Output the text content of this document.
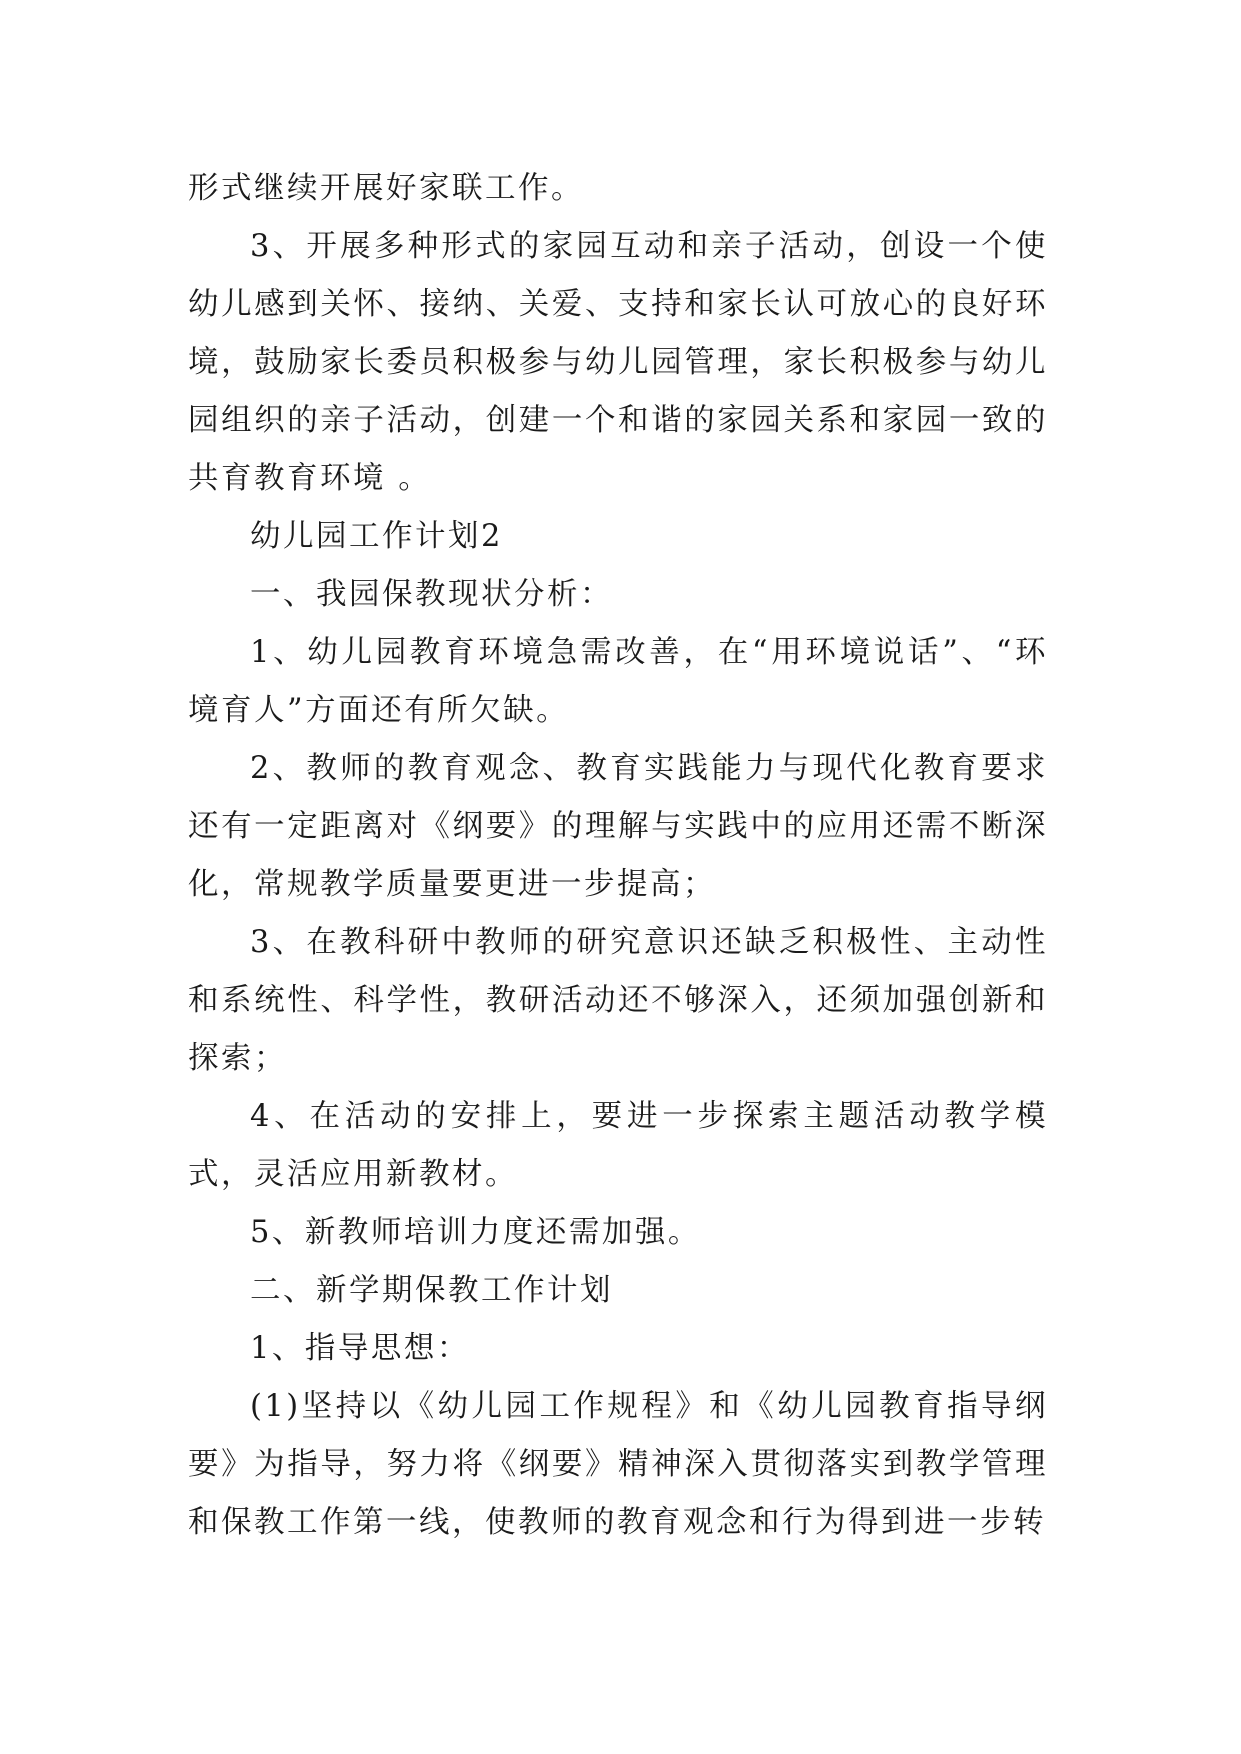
形式继续开展好家联工作。

3、开展多种形式的家园互动和亲子活动，创设一个使幼儿感到关怀、接纳、关爱、支持和家长认可放心的良好环境，鼓励家长委员积极参与幼儿园管理，家长积极参与幼儿园组织的亲子活动，创建一个和谐的家园关系和家园一致的共育教育环境 。

幼儿园工作计划2

一、我园保教现状分析：

1、幼儿园教育环境急需改善，在“用环境说话”、“环境育人”方面还有所欠缺。

2、教师的教育观念、教育实践能力与现代化教育要求还有一定距离对《纲要》的理解与实践中的应用还需不断深化，常规教学质量要更进一步提高；

3、在教科研中教师的研究意识还缺乏积极性、主动性和系统性、科学性，教研活动还不够深入，还须加强创新和探索；

4、在活动的安排上，要进一步探索主题活动教学模式，灵活应用新教材。

5、新教师培训力度还需加强。

二、新学期保教工作计划

1、指导思想：

(1)坚持以《幼儿园工作规程》和《幼儿园教育指导纲要》为指导，努力将《纲要》精神深入贯彻落实到教学管理和保教工作第一线，使教师的教育观念和行为得到进一步转
